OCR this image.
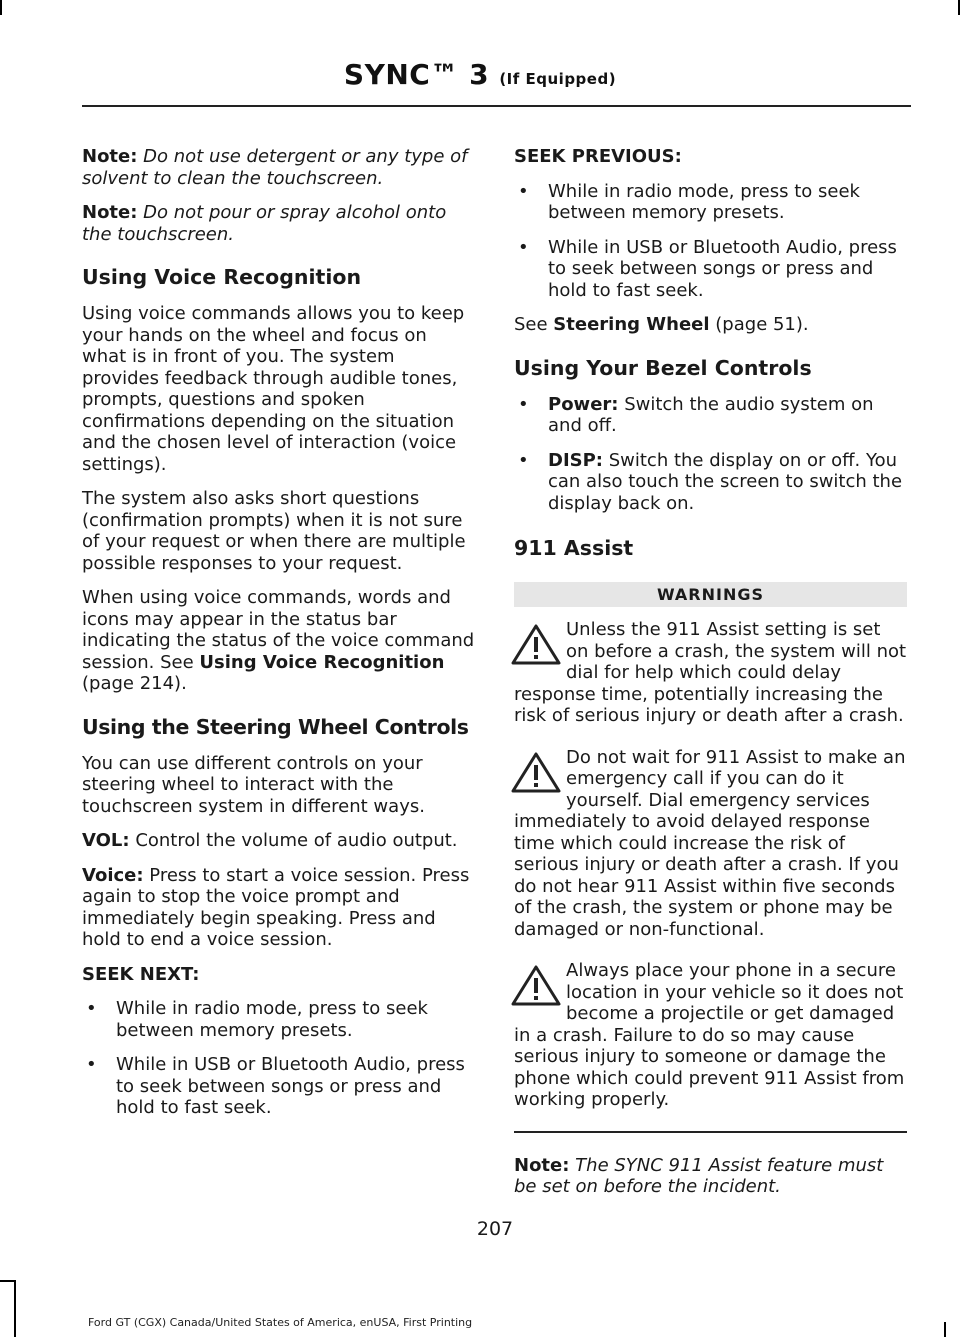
SYNC™ 3 (If Equipped)

Note: Do not use detergent or any type of solvent to clean the touchscreen.

Note: Do not pour or spray alcohol onto the touchscreen.

Using Voice Recognition

Using voice commands allows you to keep your hands on the wheel and focus on what is in front of you. The system provides feedback through audible tones, prompts, questions and spoken confirmations depending on the situation and the chosen level of interaction (voice settings).

The system also asks short questions (confirmation prompts) when it is not sure of your request or when there are multiple possible responses to your request.

When using voice commands, words and icons may appear in the status bar indicating the status of the voice command session. See Using Voice Recognition (page 214).

Using the Steering Wheel Controls

You can use different controls on your steering wheel to interact with the touchscreen system in different ways.

VOL: Control the volume of audio output.

Voice: Press to start a voice session. Press again to stop the voice prompt and immediately begin speaking. Press and hold to end a voice session.

SEEK NEXT:

• While in radio mode, press to seek between memory presets.
• While in USB or Bluetooth Audio, press to seek between songs or press and hold to fast seek.

SEEK PREVIOUS:

• While in radio mode, press to seek between memory presets.
• While in USB or Bluetooth Audio, press to seek between songs or press and hold to fast seek.

See Steering Wheel (page 51).

Using Your Bezel Controls
• Power: Switch the audio system on and off.
• DISP: Switch the display on or off. You can also touch the screen to switch the display back on.
911 Assist
WARNINGS
Unless the 911 Assist setting is set on before a crash, the system will not dial for help which could delay response time, potentially increasing the risk of serious injury or death after a crash.
Do not wait for 911 Assist to make an emergency call if you can do it yourself. Dial emergency services immediately to avoid delayed response time which could increase the risk of serious injury or death after a crash. If you do not hear 911 Assist within five seconds of the crash, the system or phone may be damaged or non-functional.
Always place your phone in a secure location in your vehicle so it does not become a projectile or get damaged in a crash. Failure to do so may cause serious injury to someone or damage the phone which could prevent 911 Assist from working properly.

Note: The SYNC 911 Assist feature must be set on before the incident.

207
Ford GT (CGX) Canada/United States of America, enUSA, First Printing
